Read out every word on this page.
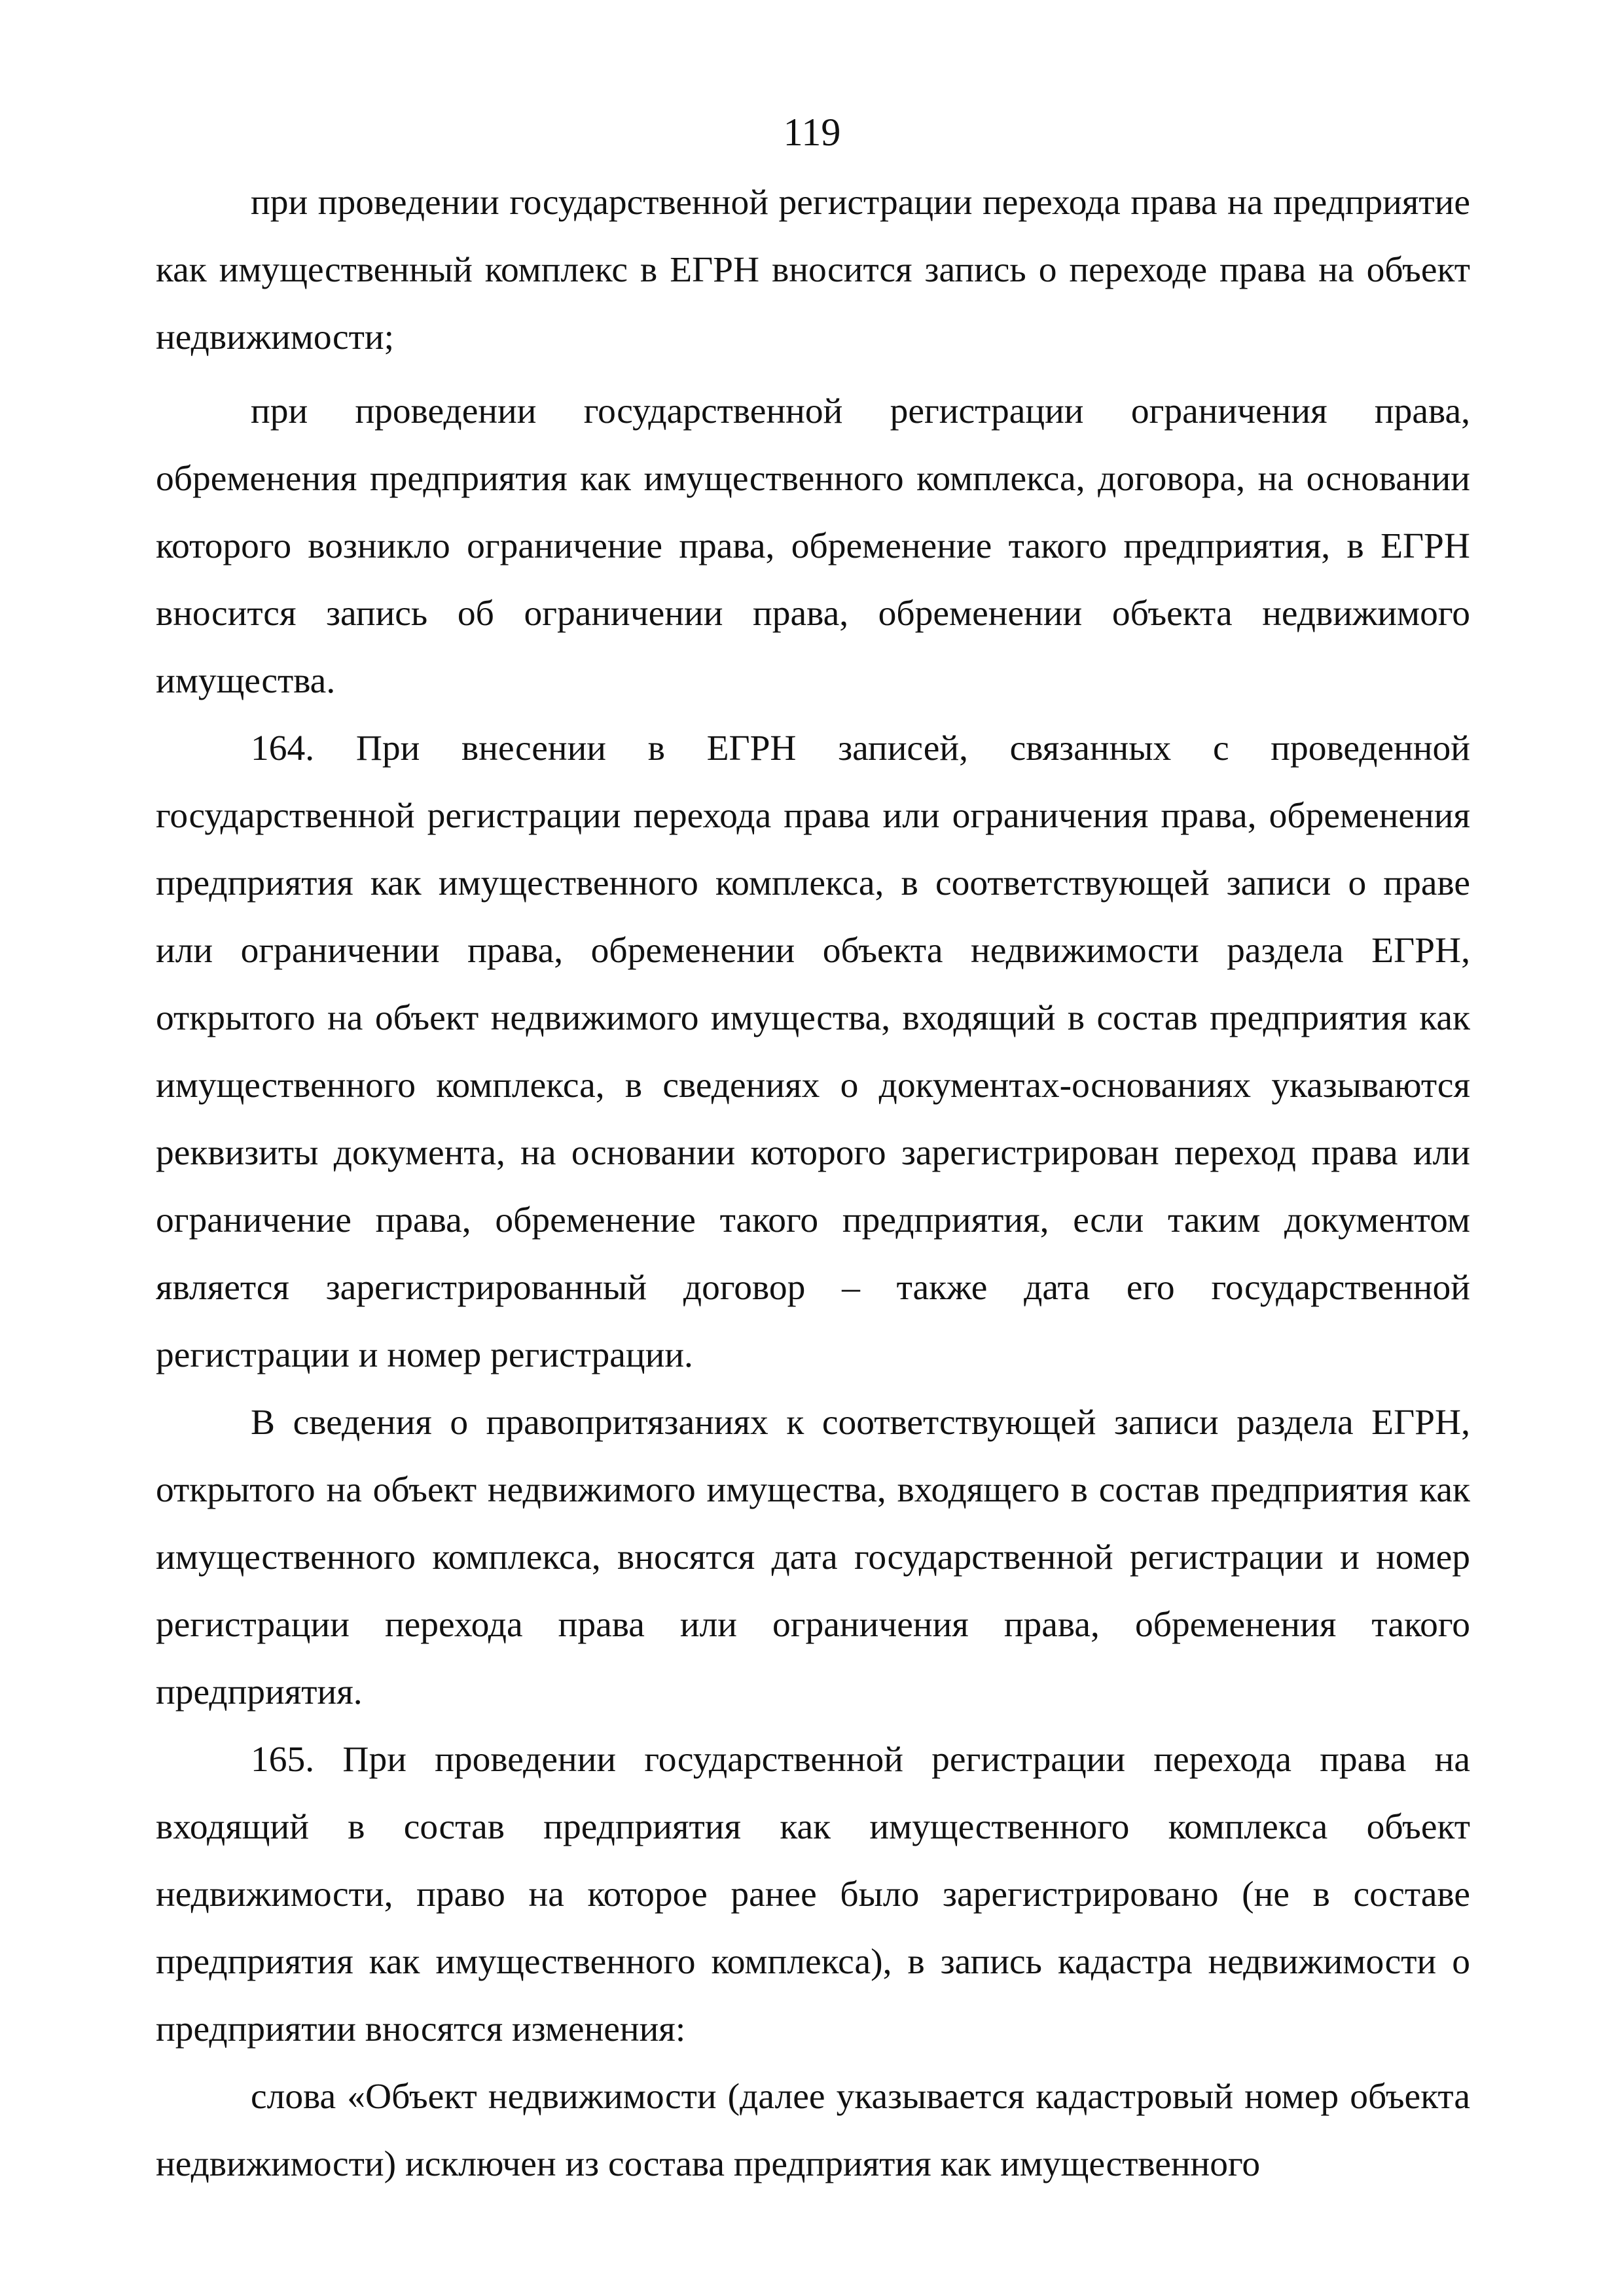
119

при проведении государственной регистрации перехода права на предприятие как имущественный комплекс в ЕГРН вносится запись о переходе права на объект недвижимости;

при проведении государственной регистрации ограничения права, обременения предприятия как имущественного комплекса, договора, на основании которого возникло ограничение права, обременение такого предприятия, в ЕГРН вносится запись об ограничении права, обременении объекта недвижимого имущества.

164. При внесении в ЕГРН записей, связанных с проведенной государственной регистрации перехода права или ограничения права, обременения предприятия как имущественного комплекса, в соответствующей записи о праве или ограничении права, обременении объекта недвижимости раздела ЕГРН, открытого на объект недвижимого имущества, входящий в состав предприятия как имущественного комплекса, в сведениях о документах-основаниях указываются реквизиты документа, на основании которого зарегистрирован переход права или ограничение права, обременение такого предприятия, если таким документом является зарегистрированный договор – также дата его государственной регистрации и номер регистрации.

В сведения о правопритязаниях к соответствующей записи раздела ЕГРН, открытого на объект недвижимого имущества, входящего в состав предприятия как имущественного комплекса, вносятся дата государственной регистрации и номер регистрации перехода права или ограничения права, обременения такого предприятия.

165. При проведении государственной регистрации перехода права на входящий в состав предприятия как имущественного комплекса объект недвижимости, право на которое ранее было зарегистрировано (не в составе предприятия как имущественного комплекса), в запись кадастра недвижимости о предприятии вносятся изменения:

слова «Объект недвижимости (далее указывается кадастровый номер объекта недвижимости) исключен из состава предприятия как имущественного
